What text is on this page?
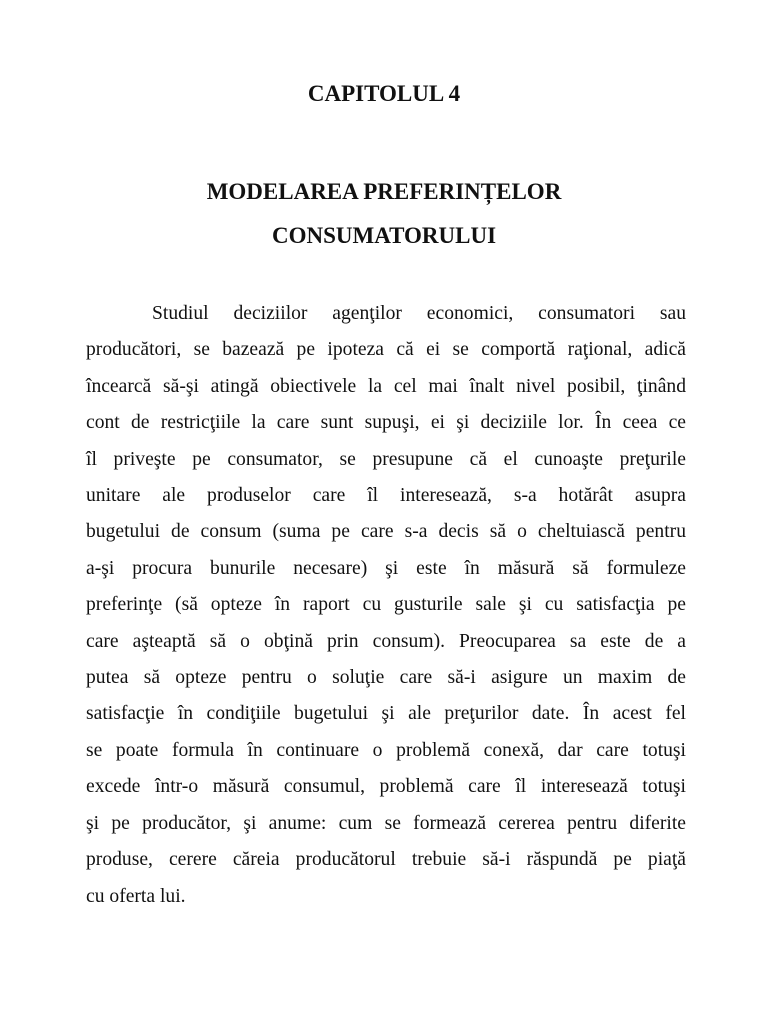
CAPITOLUL 4
MODELAREA PREFERINȚELOR
CONSUMATORULUI

Studiul deciziilor agenţilor economici, consumatori sau
producători, se bazează pe ipoteza că ei se comportă raţional, adică
încearcă să-şi atingă obiectivele la cel mai înalt nivel posibil, ţinând
cont de restricţiile la care sunt supuşi, ei şi deciziile lor. În ceea ce
îl priveşte pe consumator, se presupune că el cunoaşte preţurile
unitare ale produselor care îl interesează, s-a hotărât asupra
bugetului de consum (suma pe care s-a decis să o cheltuiască pentru
a-şi procura bunurile necesare) şi este în măsură să formuleze
preferinţe (să opteze în raport cu gusturile sale şi cu satisfacţia pe
care aşteaptă să o obţină prin consum). Preocuparea sa este de a
putea să opteze pentru o soluţie care să-i asigure un maxim de
satisfacţie în condiţiile bugetului şi ale preţurilor date. În acest fel
se poate formula în continuare o problemă conexă, dar care totuşi
excede într-o măsură consumul, problemă care îl interesează totuşi
şi pe producător, şi anume: cum se formează cererea pentru diferite
produse, cerere căreia producătorul trebuie să-i răspundă pe piaţă
cu oferta lui.
